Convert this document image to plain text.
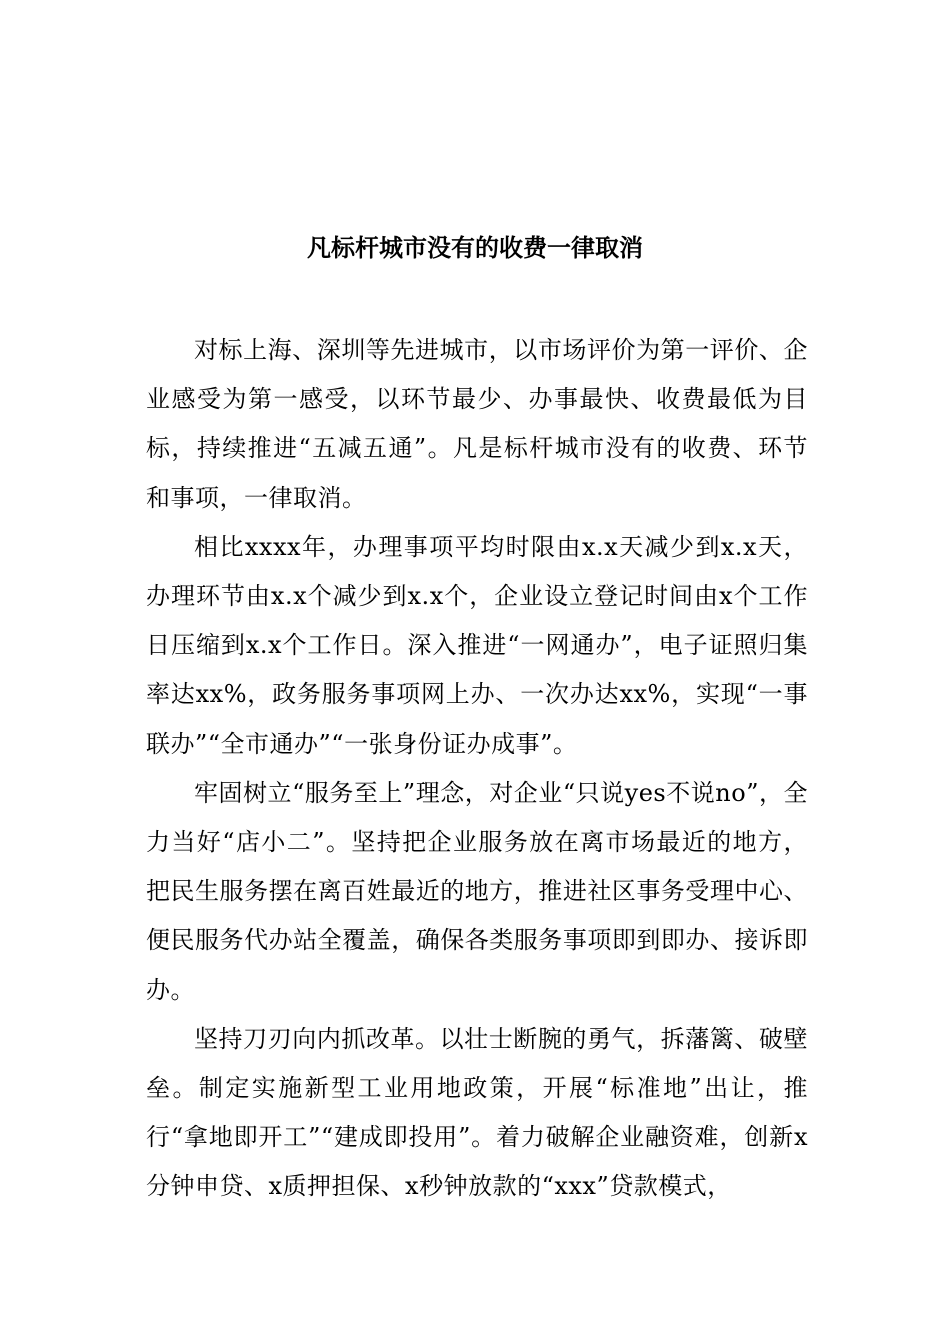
凡标杆城市没有的收费一律取消

对标上海、深圳等先进城市，以市场评价为第一评价、企业感受为第一感受，以环节最少、办事最快、收费最低为目标，持续推进“五减五通”。凡是标杆城市没有的收费、环节和事项，一律取消。

相比xxxx年，办理事项平均时限由x.x天减少到x.x天，办理环节由x.x个减少到x.x个，企业设立登记时间由x个工作日压缩到x.x个工作日。深入推进“一网通办”，电子证照归集率达xx%，政务服务事项网上办、一次办达xx%，实现“一事联办”“全市通办”“一张身份证办成事”。

牢固树立“服务至上”理念，对企业“只说yes不说no”，全力当好“店小二”。坚持把企业服务放在离市场最近的地方，把民生服务摆在离百姓最近的地方，推进社区事务受理中心、便民服务代办站全覆盖，确保各类服务事项即到即办、接诉即办。

坚持刀刃向内抓改革。以壮士断腕的勇气，拆藩篱、破壁垒。制定实施新型工业用地政策，开展“标准地”出让，推行“拿地即开工”“建成即投用”。着力破解企业融资难，创新x分钟申贷、x质押担保、x秒钟放款的“xxx”贷款模式，
